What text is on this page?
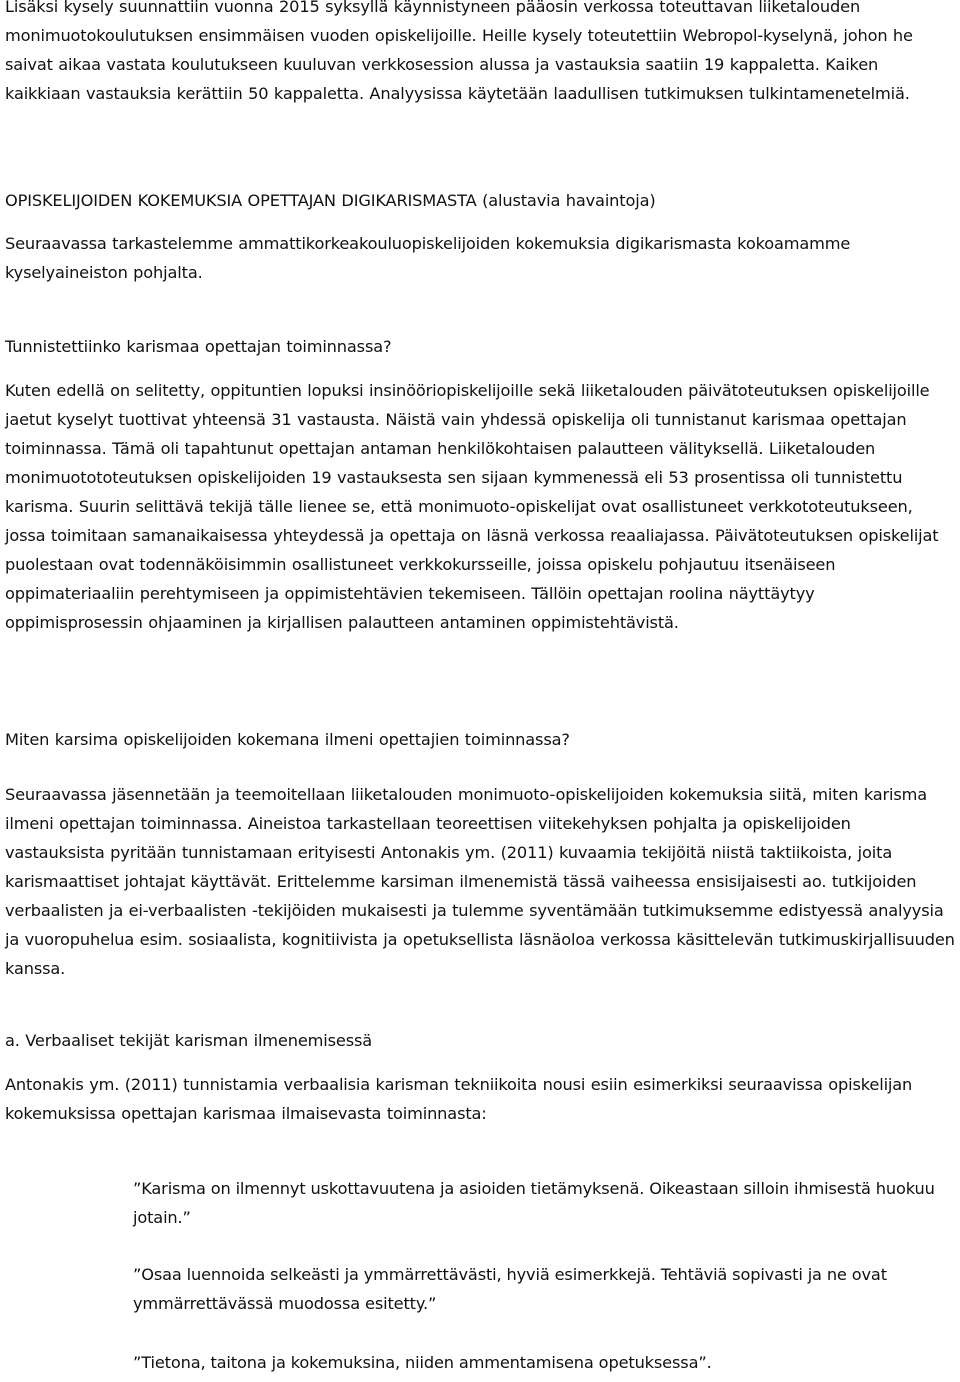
Lisäksi kysely suunnattiin vuonna 2015 syksyllä käynnistyneen pääosin verkossa toteuttavan liiketalouden monimuotokoulutuksen ensimmäisen vuoden opiskelijoille. Heille kysely toteutettiin Webropol-kyselynä, johon he saivat aikaa vastata koulutukseen kuuluvan verkkosession alussa ja vastauksia saatiin 19 kappaletta. Kaiken kaikkiaan vastauksia kerättiin 50 kappaletta. Analyysissa käytetään laadullisen tutkimuksen tulkintamenetelmiä.

OPISKELIJOIDEN KOKEMUKSIA OPETTAJAN DIGIKARISMASTA (alustavia havaintoja)

Seuraavassa tarkastelemme ammattikorkeakouluopiskelijoiden kokemuksia digikarismasta kokoamamme kyselyaineiston pohjalta.

Tunnistettiinko karismaa opettajan toiminnassa?

Kuten edellä on selitetty, oppituntien lopuksi insinööriopiskelijoille sekä liiketalouden päivätoteutuksen opiskelijoille jaetut kyselyt tuottivat yhteensä 31 vastausta. Näistä vain yhdessä opiskelija oli tunnistanut karismaa opettajan toiminnassa. Tämä oli tapahtunut opettajan antaman henkilökohtaisen palautteen välityksellä. Liiketalouden monimuotototeutuksen opiskelijoiden 19 vastauksesta sen sijaan kymmenessä eli 53 prosentissa oli tunnistettu karisma. Suurin selittävä tekijä tälle lienee se, että monimuoto-opiskelijat ovat osallistuneet verkkototeutukseen, jossa toimitaan samanaikaisessa yhteydessä ja opettaja on läsnä verkossa reaaliajassa. Päivätoteutuksen opiskelijat puolestaan ovat todennäköisimmin osallistuneet verkkokursseille, joissa opiskelu pohjautuu itsenäiseen oppimateriaaliin perehtymiseen ja oppimistehtävien tekemiseen. Tällöin opettajan roolina näyttäytyy oppimisprosessin ohjaaminen ja kirjallisen palautteen antaminen oppimistehtävistä.

Miten karsima opiskelijoiden kokemana ilmeni opettajien toiminnassa?

Seuraavassa jäsennetään ja teemoitellaan liiketalouden monimuoto-opiskelijoiden kokemuksia siitä, miten karisma ilmeni opettajan toiminnassa. Aineistoa tarkastellaan teoreettisen viitekehyksen pohjalta ja opiskelijoiden vastauksista pyritään tunnistamaan erityisesti Antonakis ym. (2011) kuvaamia tekijöitä niistä taktiikoista, joita karismaattiset johtajat käyttävät. Erittelemme karsiman ilmenemistä tässä vaiheessa ensisijaisesti ao. tutkijoiden verbaalisten ja ei-verbaalisten -tekijöiden mukaisesti ja tulemme syventämään tutkimuksemme edistyessä analyysia ja vuoropuhelua esim. sosiaalista, kognitiivista ja opetuksellista läsnäoloa verkossa käsittelevän tutkimuskirjallisuuden kanssa.

a. Verbaaliset tekijät karisman ilmenemisessä

Antonakis ym. (2011) tunnistamia verbaalisia karisman tekniikoita nousi esiin esimerkiksi seuraavissa opiskelijan kokemuksissa opettajan karismaa ilmaisevasta toiminnasta:

”Karisma on ilmennyt uskottavuutena ja asioiden tietämyksenä. Oikeastaan silloin ihmisestä huokuu jotain.”

”Osaa luennoida selkeästi ja ymmärrettävästi, hyviä esimerkkejä. Tehtäviä sopivasti ja ne ovat ymmärrettävässä muodossa esitetty.”

”Tietona, taitona ja kokemuksina, niiden ammentamisena opetuksessa”.
